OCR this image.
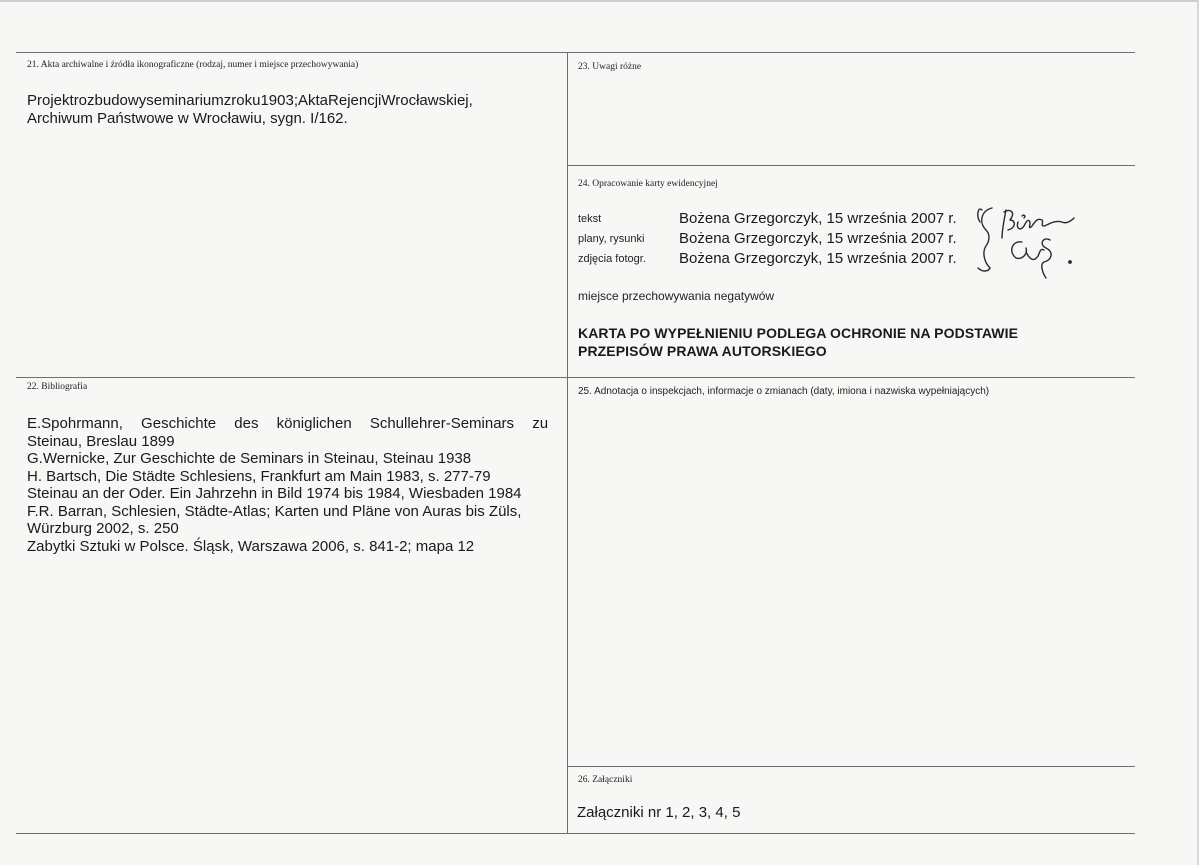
21. Akta archiwalne i źródła ikonograficzne (rodzaj, numer i miejsce przechowywania)
Projektrozbudowyseminariumzroku1903;AktaRejencjiWrocławskiej,
Archiwum Państwowe w Wrocławiu, sygn. I/162.
22. Bibliografia
E.Spohrmann, Geschichte des königlichen Schullehrer-Seminars zu
Steinau, Breslau 1899
G.Wernicke, Zur Geschichte de Seminars in Steinau, Steinau 1938
H. Bartsch, Die Städte Schlesiens, Frankfurt am Main 1983, s. 277-79
Steinau an der Oder. Ein Jahrzehn in Bild 1974 bis 1984, Wiesbaden 1984
F.R. Barran, Schlesien, Städte-Atlas; Karten und Pläne von Auras bis Züls,
Würzburg 2002, s. 250
Zabytki Sztuki w Polsce. Śląsk, Warszawa 2006, s. 841-2; mapa 12
23. Uwagi różne
24. Opracowanie karty ewidencyjnej
tekst	Bożena Grzegorczyk, 15 września 2007 r.
plany, rysunki Bożena Grzegorczyk, 15 września 2007 r.
zdjęcia fotogr. Bożena Grzegorczyk, 15 września 2007 r.
miejsce przechowywania negatywów
KARTA PO WYPEŁNIENIU PODLEGA OCHRONIE NA PODSTAWIE
PRZEPISÓW PRAWA AUTORSKIEGO
25. Adnotacja o inspekcjach, informacje o zmianach (daty, imiona i nazwiska wypełniających)
26. Załączniki
Załączniki nr 1, 2, 3, 4, 5
